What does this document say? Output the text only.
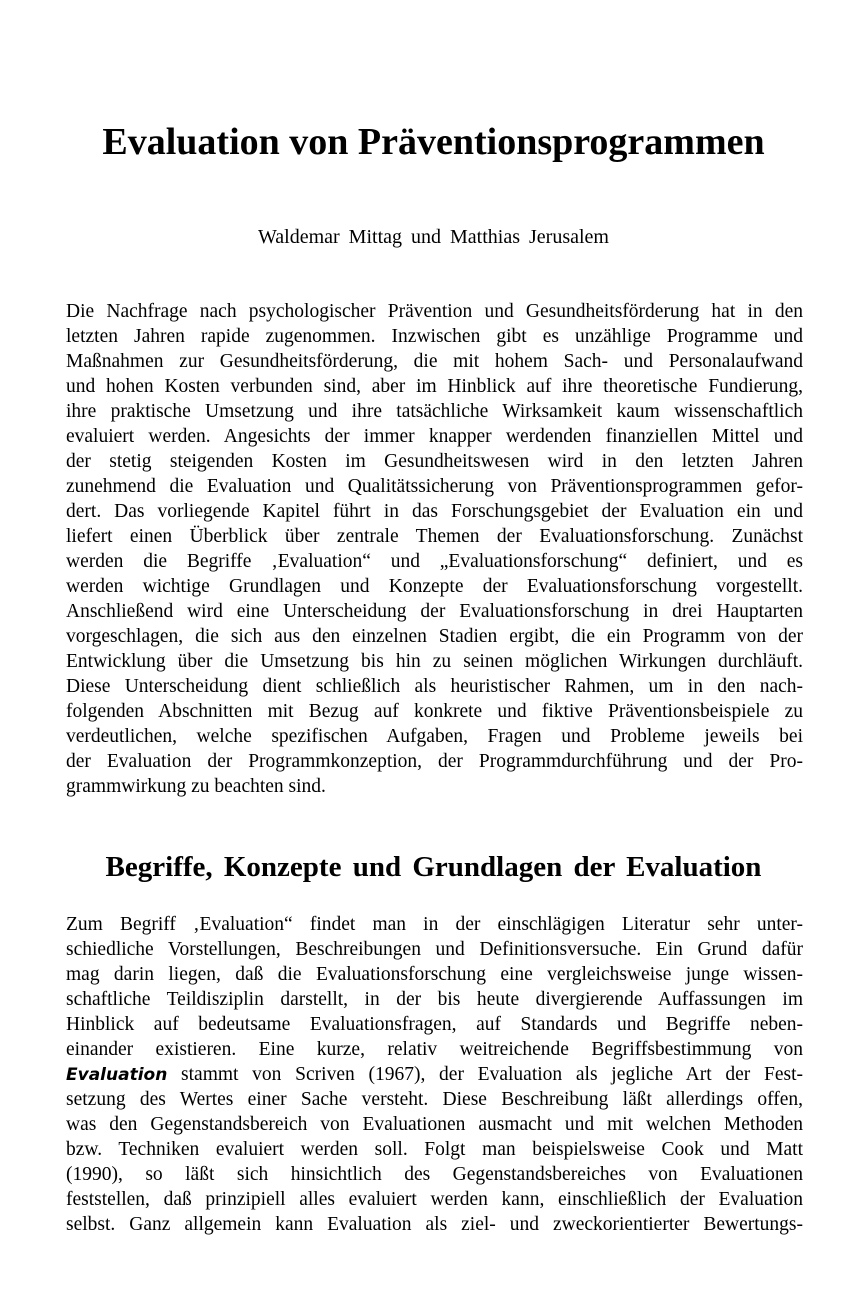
Evaluation von Präventionsprogrammen

Waldemar Mittag und Matthias Jerusalem

Die Nachfrage nach psychologischer Prävention und Gesundheitsförderung hat in den
letzten Jahren rapide zugenommen. Inzwischen gibt es unzählige Programme und
Maßnahmen zur Gesundheitsförderung, die mit hohem Sach- und Personalaufwand
und hohen Kosten verbunden sind, aber im Hinblick auf ihre theoretische Fundierung,
ihre praktische Umsetzung und ihre tatsächliche Wirksamkeit kaum wissenschaftlich
evaluiert werden. Angesichts der immer knapper werdenden finanziellen Mittel und
der stetig steigenden Kosten im Gesundheitswesen wird in den letzten Jahren
zunehmend die Evaluation und Qualitätssicherung von Präventionsprogrammen gefor-
dert. Das vorliegende Kapitel führt in das Forschungsgebiet der Evaluation ein und
liefert einen Überblick über zentrale Themen der Evaluationsforschung. Zunächst
werden die Begriffe ‚Evaluation“ und „Evaluationsforschung“ definiert, und es
werden wichtige Grundlagen und Konzepte der Evaluationsforschung vorgestellt.
Anschließend wird eine Unterscheidung der Evaluationsforschung in drei Hauptarten
vorgeschlagen, die sich aus den einzelnen Stadien ergibt, die ein Programm von der
Entwicklung über die Umsetzung bis hin zu seinen möglichen Wirkungen durchläuft.
Diese Unterscheidung dient schließlich als heuristischer Rahmen, um in den nach-
folgenden Abschnitten mit Bezug auf konkrete und fiktive Präventionsbeispiele zu
verdeutlichen, welche spezifischen Aufgaben, Fragen und Probleme jeweils bei
der Evaluation der Programmkonzeption, der Programmdurchführung und der Pro-
grammwirkung zu beachten sind.
Begriffe, Konzepte und Grundlagen der Evaluation
Zum Begriff ‚Evaluation“ findet man in der einschlägigen Literatur sehr unter-
schiedliche Vorstellungen, Beschreibungen und Definitionsversuche. Ein Grund dafür
mag darin liegen, daß die Evaluationsforschung eine vergleichsweise junge wissen-
schaftliche Teildisziplin darstellt, in der bis heute divergierende Auffassungen im
Hinblick auf bedeutsame Evaluationsfragen, auf Standards und Begriffe neben-
einander existieren. Eine kurze, relativ weitreichende Begriffsbestimmung von
Evaluation stammt von Scriven (1967), der Evaluation als jegliche Art der Fest-
setzung des Wertes einer Sache versteht. Diese Beschreibung läßt allerdings offen,
was den Gegenstandsbereich von Evaluationen ausmacht und mit welchen Methoden
bzw. Techniken evaluiert werden soll. Folgt man beispielsweise Cook und Matt
(1990), so läßt sich hinsichtlich des Gegenstandsbereiches von Evaluationen
feststellen, daß prinzipiell alles evaluiert werden kann, einschließlich der Evaluation
selbst. Ganz allgemein kann Evaluation als ziel- und zweckorientierter Bewertungs-
